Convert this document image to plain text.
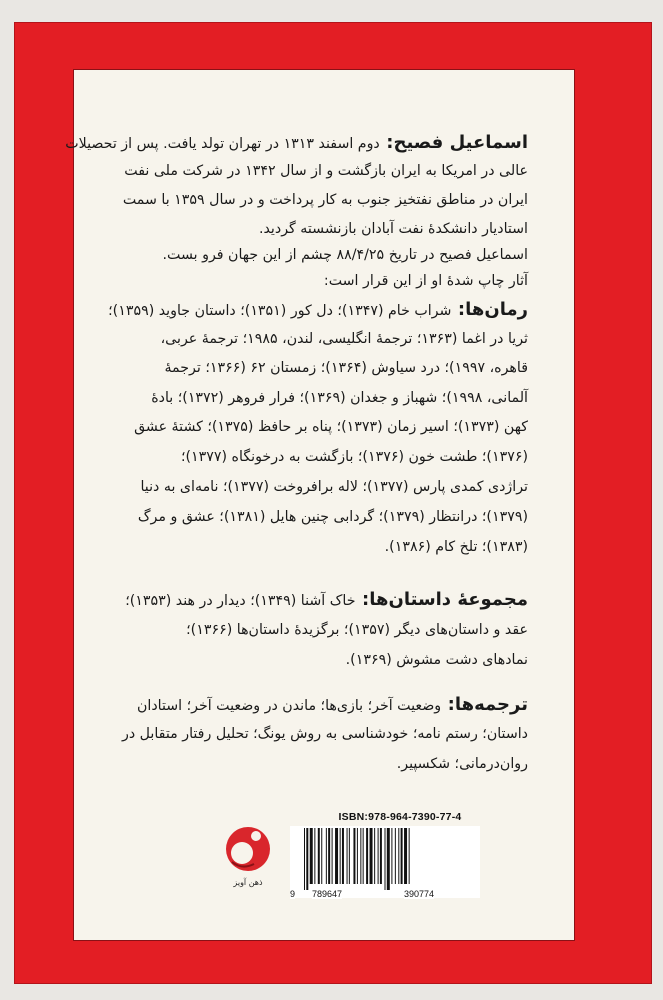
اسماعیل فصیح: دوم اسفند ۱۳۱۳ در تهران تولد یافت. پس از تحصیلات
عالی در امریکا به ایران بازگشت و از سال ۱۳۴۲ در شرکت ملی نفت
ایران در مناطق نفتخیز جنوب به کار پرداخت و در سال ۱۳۵۹ با سمت
استادیار دانشکدهٔ نفت آبادان بازنشسته گردید.
اسماعیل فصیح در تاریخ ۸۸/۴/۲۵ چشم از این جهان فرو بست.
آثار چاپ شدهٔ او از این قرار است:
رمان‌ها: شراب خام (۱۳۴۷)؛ دل کور (۱۳۵۱)؛ داستان جاوید (۱۳۵۹)؛
ثریا در اغما (۱۳۶۳؛ ترجمهٔ انگلیسی، لندن، ۱۹۸۵؛ ترجمهٔ عربی،
قاهره، ۱۹۹۷)؛ درد سیاوش (۱۳۶۴)؛ زمستان ۶۲ (۱۳۶۶؛ ترجمهٔ
آلمانی، ۱۹۹۸)؛ شهباز و جغدان (۱۳۶۹)؛ فرار فروهر (۱۳۷۲)؛ بادهٔ
کهن (۱۳۷۳)؛ اسیر زمان (۱۳۷۳)؛ پناه بر حافظ (۱۳۷۵)؛ کشتهٔ عشق
(۱۳۷۶)؛ طشت خون (۱۳۷۶)؛ بازگشت به درخونگاه (۱۳۷۷)؛
تراژدی کمدی پارس (۱۳۷۷)؛ لاله برافروخت (۱۳۷۷)؛ نامه‌ای به دنیا
(۱۳۷۹)؛ درانتظار (۱۳۷۹)؛ گردابی چنین هایل (۱۳۸۱)؛ عشق و مرگ
(۱۳۸۳)؛ تلخ کام (۱۳۸۶).
مجموعهٔ داستان‌ها: خاک آشنا (۱۳۴۹)؛ دیدار در هند (۱۳۵۳)؛
عقد و داستان‌های دیگر (۱۳۵۷)؛ برگزیدهٔ داستان‌ها (۱۳۶۶)؛
نمادهای دشت مشوش (۱۳۶۹).
ترجمه‌ها: وضعیت آخر؛ بازی‌ها؛ ماندن در وضعیت آخر؛ استادان
داستان؛ رستم نامه؛ خودشناسی به روش یونگ؛ تحلیل رفتار متقابل در
روان‌درمانی؛ شکسپیر.
ذهن آویز
ISBN:978-964-7390-77-4
9 789647	390774
